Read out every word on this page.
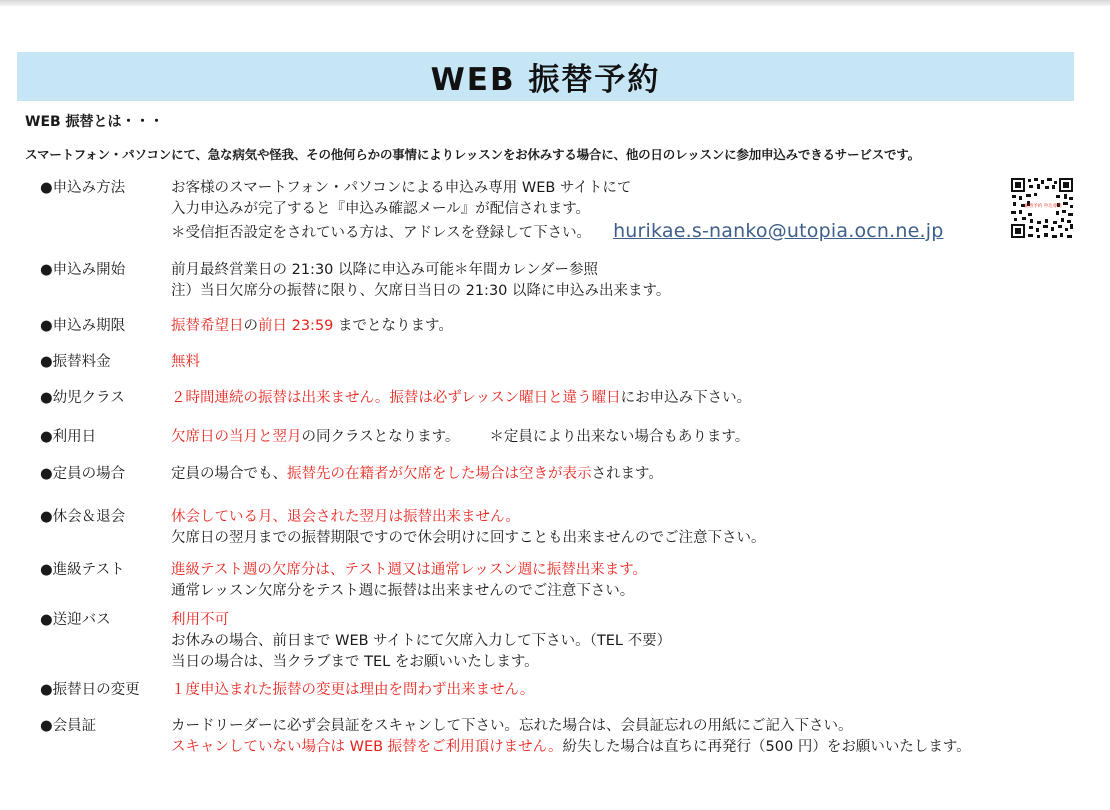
WEB 振替予約
WEB 振替とは・・・
スマートフォン・パソコンにて、急な病気や怪我、その他何らかの事情によりレッスンをお休みする場合に、他の日のレッスンに参加申込みできるサービスです。
●申込み方法	お客様のスマートフォン・パソコンによる申込み専用 WEB サイトにて
入力申込みが完了すると『申込み確認メール』が配信されます。
＊受信拒否設定をされている方は、アドレスを登録して下さい。 hurikae.s-nanko@utopia.ocn.ne.jp
振替予約 申込専用
●申込み開始	前月最終営業日の 21:30 以降に申込み可能＊年間カレンダー参照
注）当日欠席分の振替に限り、欠席日当日の 21:30 以降に申込み出来ます。
●申込み期限	振替希望日の前日 23:59 までとなります。
●振替料金	無料
●幼児クラス	２時間連続の振替は出来ません。振替は必ずレッスン曜日と違う曜日にお申込み下さい。
●利用日	欠席日の当月と翌月の同クラスとなります。 ＊定員により出来ない場合もあります。
●定員の場合	定員の場合でも、振替先の在籍者が欠席をした場合は空きが表示されます。
●休会＆退会	休会している月、退会された翌月は振替出来ません。
欠席日の翌月までの振替期限ですので休会明けに回すことも出来ませんのでご注意下さい。
●進級テスト	進級テスト週の欠席分は、テスト週又は通常レッスン週に振替出来ます。
通常レッスン欠席分をテスト週に振替は出来ませんのでご注意下さい。
●送迎バス	利用不可
お休みの場合、前日まで WEB サイトにて欠席入力して下さい。（TEL 不要）
当日の場合は、当クラブまで TEL をお願いいたします。
●振替日の変更	１度申込まれた振替の変更は理由を問わず出来ません。
●会員証	カードリーダーに必ず会員証をスキャンして下さい。忘れた場合は、会員証忘れの用紙にご記入下さい。
スキャンしていない場合は WEB 振替をご利用頂けません。紛失した場合は直ちに再発行（500 円）をお願いいたします。
